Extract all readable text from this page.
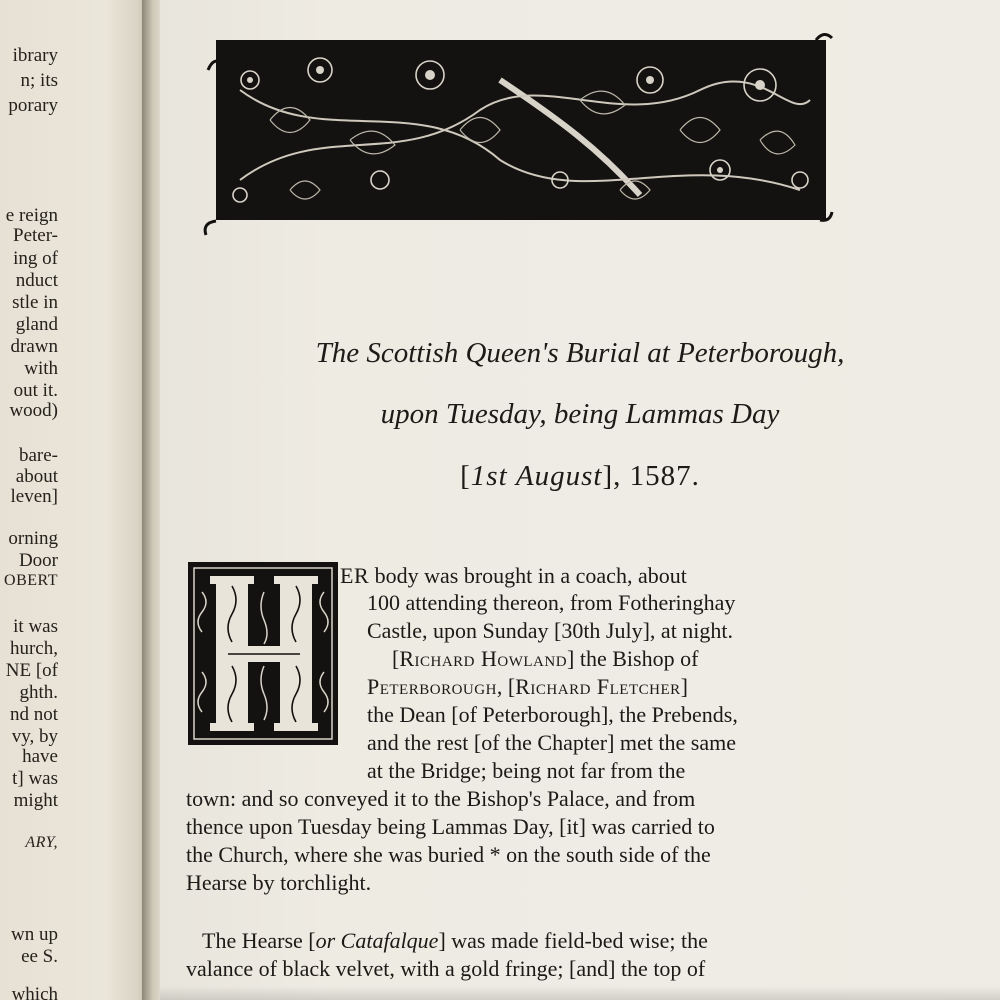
ibrary
n; its
porary
e reign
Peter-
ing of
nduct
stle in
gland
drawn
with
out it.
wood)
bare-
about
leven]
orning
Door
OBERT
it was
hurch,
NE [of
ghth.
nd not
vy, by
have
t] was
might
ARY,
wn up
ee S.
which
The Scottish Queen's Burial at Peterborough,
upon Tuesday, being Lammas Day
[1st August], 1587.
ER body was brought in a coach, about
100 attending thereon, from Fotheringhay
Castle, upon Sunday [30th July], at night.
[Richard Howland] the Bishop of
Peterborough, [Richard Fletcher]
the Dean [of Peterborough], the Prebends,
and the rest [of the Chapter] met the same
at the Bridge; being not far from the
town: and so conveyed it to the Bishop's Palace, and from
thence upon Tuesday being Lammas Day, [it] was carried to
the Church, where she was buried * on the south side of the
Hearse by torchlight.
The Hearse [or Catafalque] was made field-bed wise; the
valance of black velvet, with a gold fringe; [and] the top of
